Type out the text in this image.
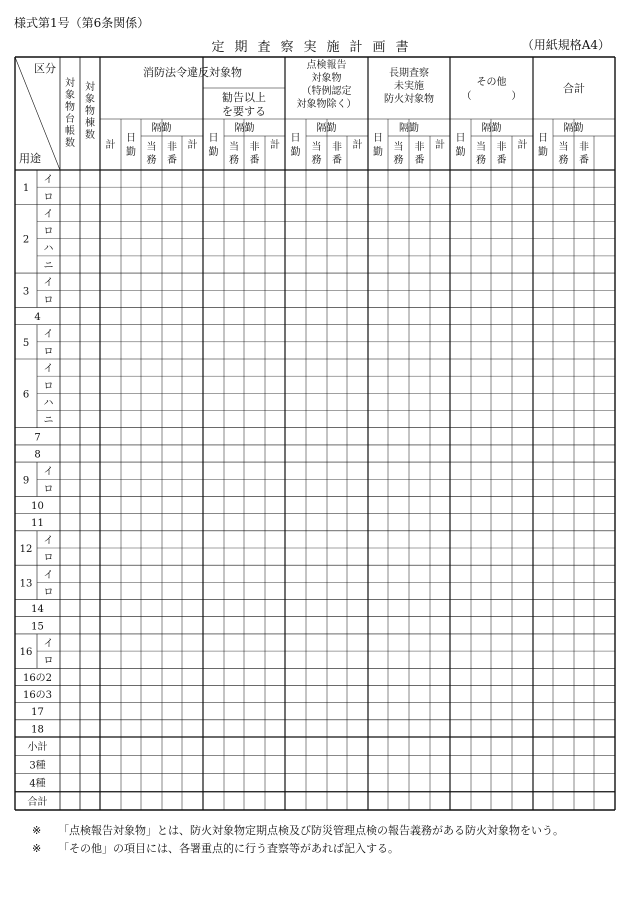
様式第1号（第6条関係）
定期査察実施計画書	（用紙規格A4）
区分
用途
対
象
物
台
帳
数
対
象
物
棟
数
消防法令違反対象物
勧告以上
を要する
点検報告
対象物
（特例認定
対象物除く）
長期査察
未実施
防火対象物
その他
（　　　　）
合計
計
日
勤
隔勤
当
務
非
番
計
日
勤
隔勤
当
務
非
番
計
日
勤
隔勤
当
務
非
番
計
日
勤
隔勤
当
務
非
番
計
日
勤
隔勤
当
務
非
番
計
日
勤
隔勤
当
務
非
番
1
イ
ロ
2
イ
ロ
ハ
ニ
3
イ
ロ
4
5
イ
ロ
6
イ
ロ
ハ
ニ
7
8
9
イ
ロ
10
11
12
イ
ロ
13
イ
ロ
14
15
16
イ
ロ
16の2
16の3
17
18
小計
3種
4種
合計
※ 「点検報告対象物」とは、防火対象物定期点検及び防災管理点検の報告義務がある防火対象物をいう。
※ 「その他」の項目には、各署重点的に行う査察等があれば記入する。
